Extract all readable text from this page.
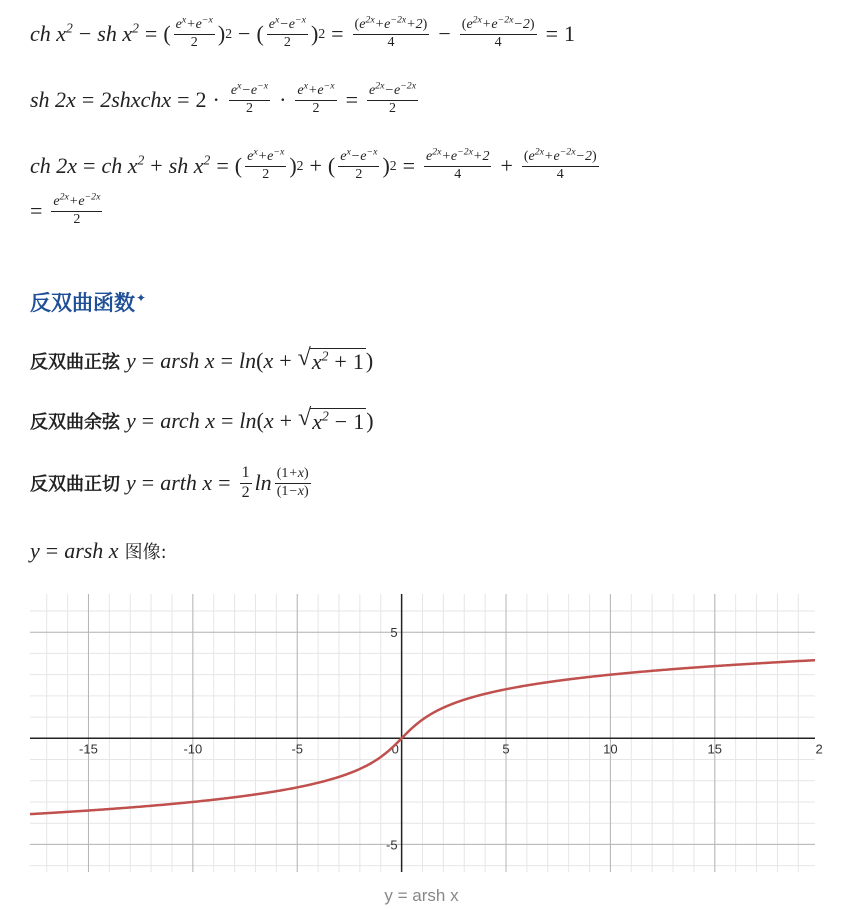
ch $x^2$ − sh $x^2$ = ( $\frac{e^x+e^{-x}}{2}$ ) 2 − ( $\frac{e^x-e^{-x}}{2}$ ) $2 = \frac{(e^{2x}+e^{-2x}+2)}{4} - \frac{(e^{2x}+e^{-2x}-2)}{4} = 1$
sh 2x = 2shxchx = $2 \cdot \frac{e^x-e^{-x}}{2} \cdot \frac{e^x+e^{-x}}{2} = \frac{e^{2x}-e^{-2x}}{2}$
ch 2x = ch $x^2$ + sh $x^2$ = ( $\frac{e^x+e^{-x}}{2}$ ) 2 + ( $\frac{e^x-e^{-x}}{2}$ ) $2 = \frac{e^{2x}+e^{-2x}+2}{4} + \frac{(e^{2x}+e^{-2x}-2)}{4}$
= $\frac{e^{2x}+e^{-2x}}{2}$
反双曲函数✦
反双曲正弦 y = arsh x = ln ( x + √ $x^2 + 1$ )
反双曲余弦 y = arch x = ln ( x + √ $x^2 - 1$ )
反双曲正切 y = arth $x = \frac{1}{2}$ $\ln \frac{(1+x)}{(1-x)}$
y = arsh x 图像:
-15	-10	-5	0	5	10	15	2
5
-5
y = arsh x
